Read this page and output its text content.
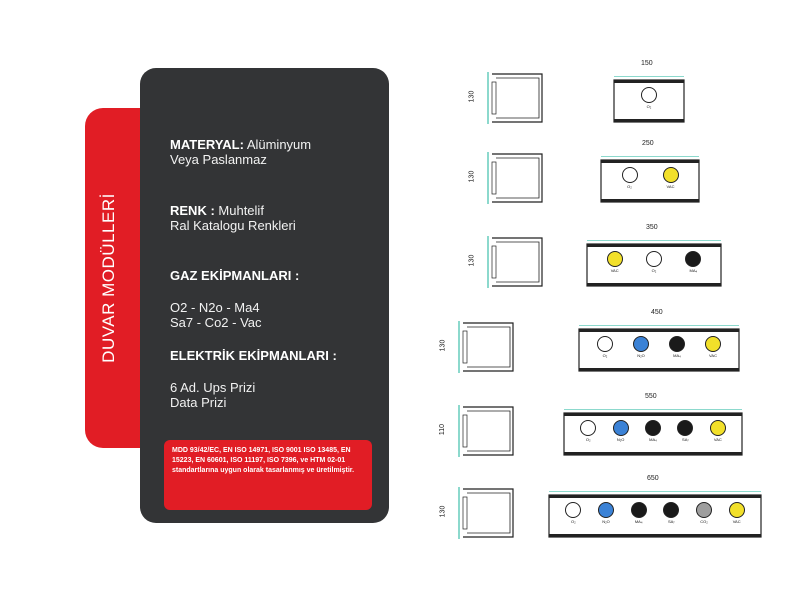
DUVAR MODÜLLERİ
MATERYAL: Alüminyum
Veya Paslanmaz
RENK : Muhtelif
Ral Katalogu Renkleri
GAZ EKİPMANLARI :
O2 - N2o - Ma4
Sa7 - Co2 - Vac
ELEKTRİK EKİPMANLARI :
6 Ad. Ups Prizi
Data Prizi
MDD 93/42/EC, EN ISO 14971, ISO 9001 ISO 13485, EN 15223, EN 60601, ISO 11197, ISO 7396, ve HTM 02-01 standartlarına uygun olarak tasarlanmış ve üretilmiştir.
130
150
O₂
130
250
O₂	VAC
130
350
VAC	O₂	MA₄
130
450
O₂	N₂O	MA₄	VAC
110
550
O₂	N₂O	MA₄	SA₇	VAC
130
650
O₂	N₂O	MA₄	SA₇	CO₂	VAC
